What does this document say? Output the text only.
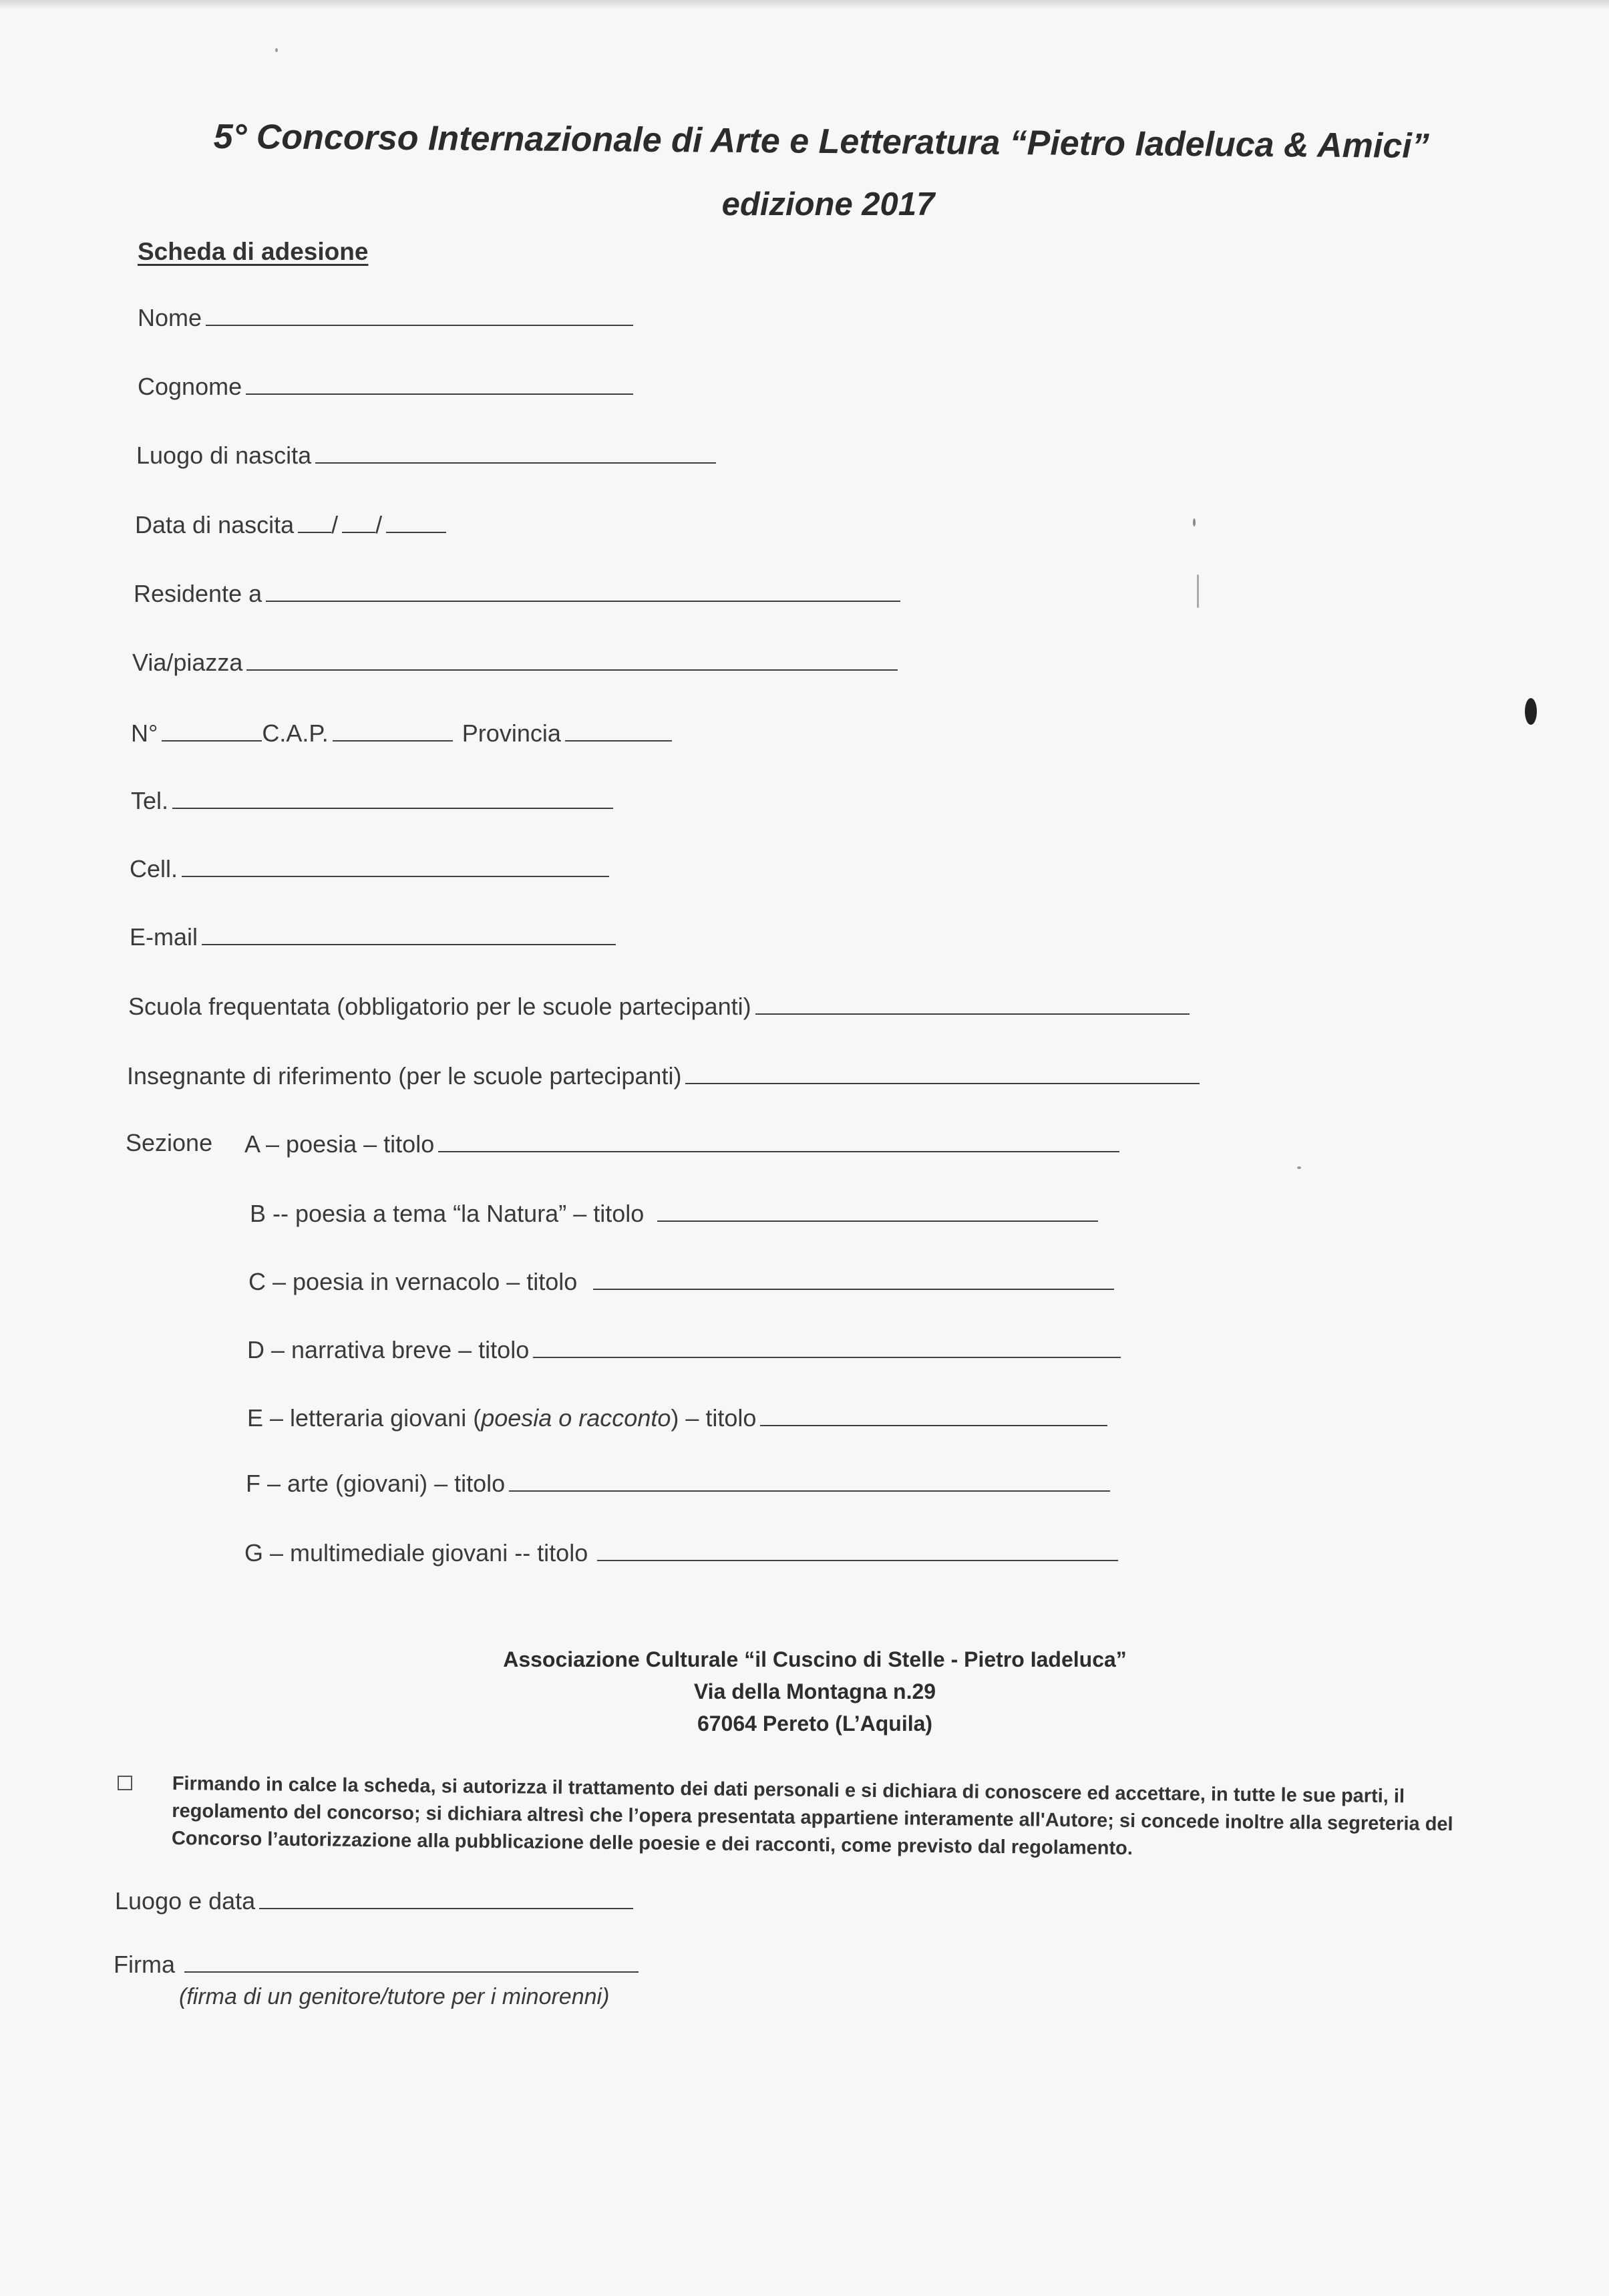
5° Concorso Internazionale di Arte e Letteratura “Pietro Iadeluca & Amici”
edizione 2017
Scheda di adesione
Nome
Cognome
Luogo di nascita
Data di nascita / /
Residente a
Via/piazza
N°	C.A.P.	Provincia
Tel.
Cell.
E-mail
Scuola frequentata (obbligatorio per le scuole partecipanti)
Insegnante di riferimento (per le scuole partecipanti)
Sezione A – poesia – titolo
B -- poesia a tema “la Natura” – titolo
C – poesia in vernacolo – titolo
D – narrativa breve – titolo
E – letteraria giovani (poesia o racconto) – titolo
F – arte (giovani) – titolo
G – multimediale giovani -- titolo
Associazione Culturale “il Cuscino di Stelle - Pietro Iadeluca”
Via della Montagna n.29
67064 Pereto (L’Aquila)
Firmando in calce la scheda, si autorizza il trattamento dei dati personali e si dichiara di conoscere ed accettare, in tutte le sue parti, il regolamento del concorso; si dichiara altresì che l’opera presentata appartiene interamente all'Autore; si concede inoltre alla segreteria del Concorso l’autorizzazione alla pubblicazione delle poesie e dei racconti, come previsto dal regolamento.
Luogo e data
Firma
(firma di un genitore/tutore per i minorenni)
